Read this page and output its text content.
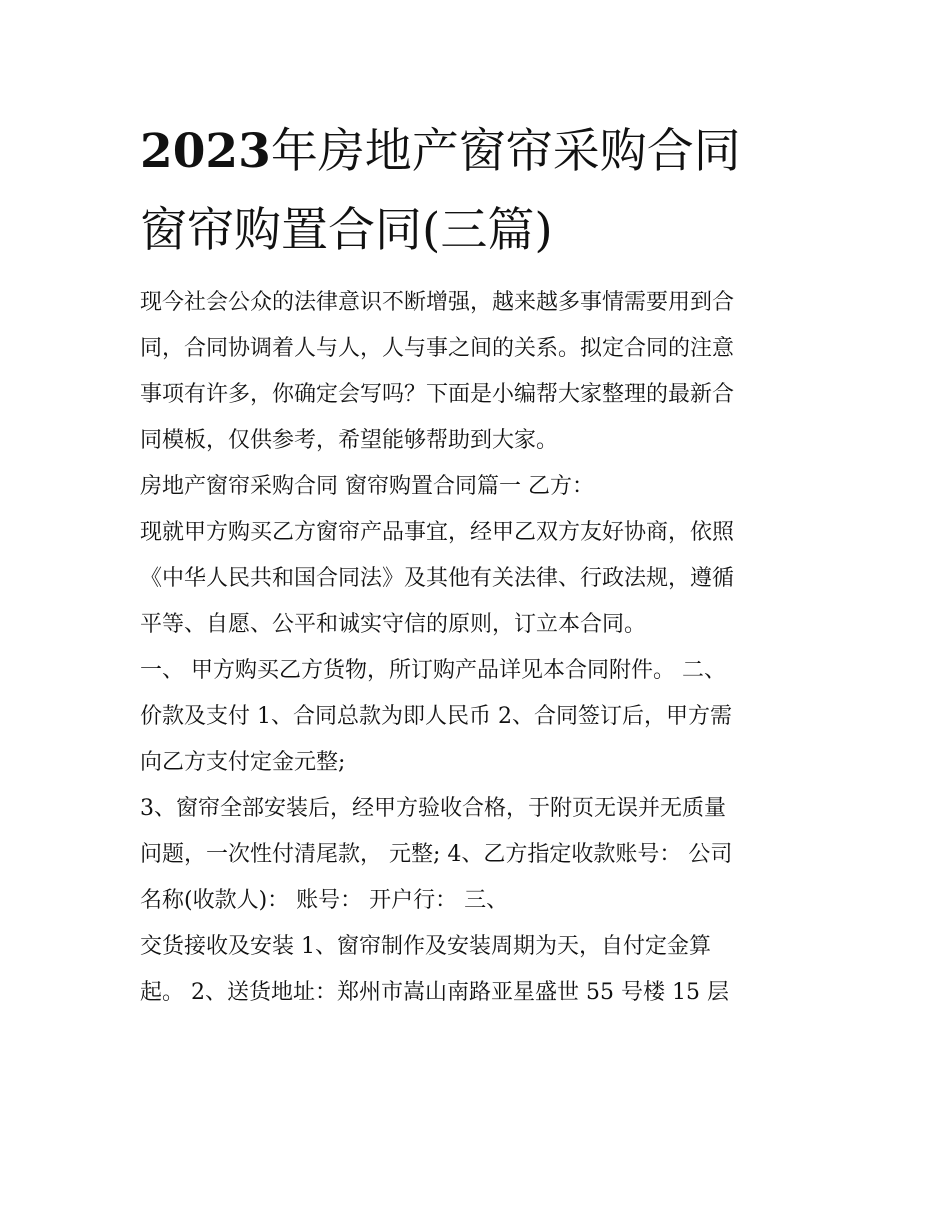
2023年房地产窗帘采购合同
窗帘购置合同(三篇)

现今社会公众的法律意识不断增强，越来越多事情需要用到合

同，合同协调着人与人，人与事之间的关系。拟定合同的注意

事项有许多，你确定会写吗？下面是小编帮大家整理的最新合

同模板，仅供参考，希望能够帮助到大家。

房地产窗帘采购合同 窗帘购置合同篇一 乙方：

现就甲方购买乙方窗帘产品事宜，经甲乙双方友好协商，依照

《中华人民共和国合同法》及其他有关法律、行政法规，遵循

平等、自愿、公平和诚实守信的原则，订立本合同。

一、 甲方购买乙方货物，所订购产品详见本合同附件。 二、

价款及支付 1、合同总款为即人民币 2、合同签订后，甲方需

向乙方支付定金元整;

3、窗帘全部安装后，经甲方验收合格，于附页无误并无质量

问题，一次性付清尾款， 元整; 4、乙方指定收款账号： 公司

名称(收款人)： 账号： 开户行： 三、

交货接收及安装 1、窗帘制作及安装周期为天，自付定金算

起。 2、送货地址：郑州市嵩山南路亚星盛世 55 号楼 15 层
